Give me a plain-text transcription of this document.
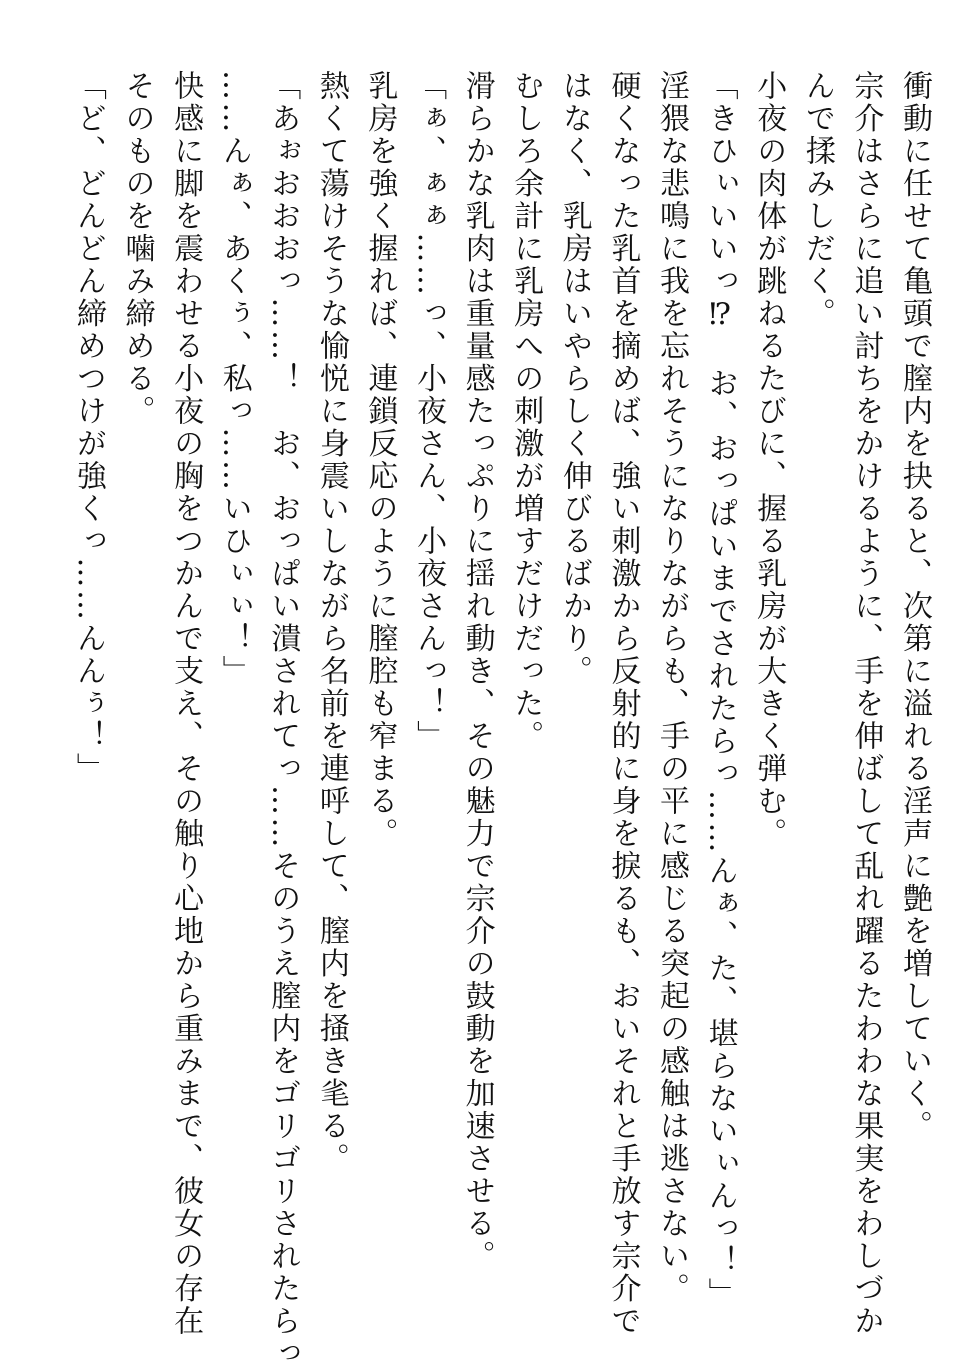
衝動に任せて亀頭で膣内を抉ると、次第に溢れる淫声に艶を増していく。
宗介はさらに追い討ちをかけるように、手を伸ばして乱れ躍るたわわな果実をわしづか
んで揉みしだく。
小夜の肉体が跳ねるたびに、握る乳房が大きく弾む。
「きひぃいいっ⁉　お、おっぱいまでされたらっ……んぁ、た、堪らないぃんっ！」
淫猥な悲鳴に我を忘れそうになりながらも、手の平に感じる突起の感触は逃さない。
硬くなった乳首を摘めば、強い刺激から反射的に身を捩るも、おいそれと手放す宗介で
はなく、乳房はいやらしく伸びるばかり。
むしろ余計に乳房への刺激が増すだけだった。
滑らかな乳肉は重量感たっぷりに揺れ動き、その魅力で宗介の鼓動を加速させる。
「ぁ、ぁぁ……っ、小夜さん、小夜さんっ！」
乳房を強く握れば、連鎖反応のように膣腔も窄まる。
熱くて蕩けそうな愉悦に身震いしながら名前を連呼して、膣内を掻き毟る。
「あぉおおおっ……！　お、おっぱい潰されてっ……そのうえ膣内をゴリゴリされたらっ
……んぁ、あくぅ、私っ……いひぃぃ！」
快感に脚を震わせる小夜の胸をつかんで支え、その触り心地から重みまで、彼女の存在
そのものを噛み締める。
「ど、どんどん締めつけが強くっ……んんぅ！」
